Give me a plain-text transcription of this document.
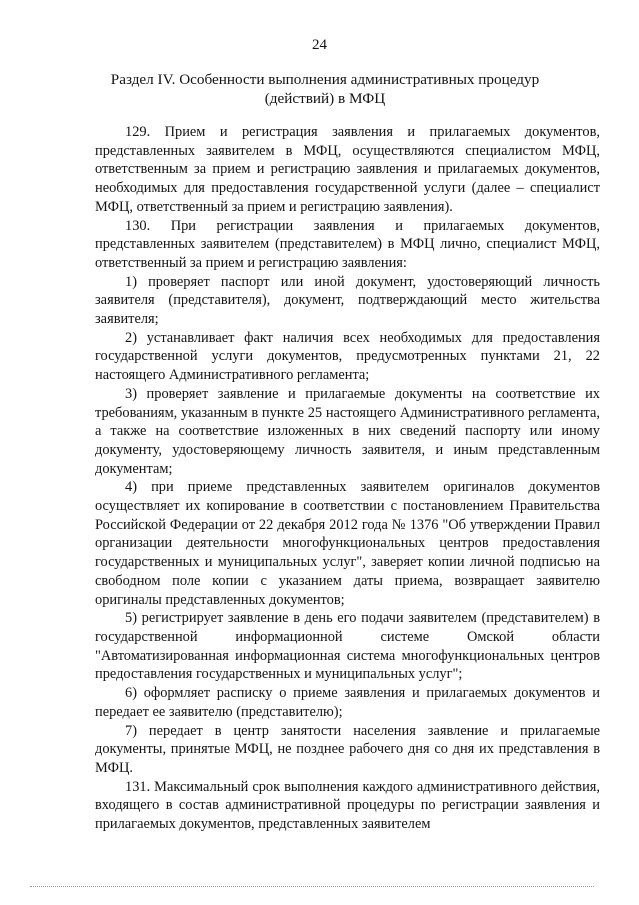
24
Раздел IV. Особенности выполнения административных процедур
(действий) в МФЦ

129. Прием и регистрация заявления и прилагаемых документов, представленных заявителем в МФЦ, осуществляются специалистом МФЦ, ответственным за прием и регистрацию заявления и прилагаемых документов, необходимых для предоставления государственной услуги (далее – специалист МФЦ, ответственный за прием и регистрацию заявления).

130. При регистрации заявления и прилагаемых документов, представленных заявителем (представителем) в МФЦ лично, специалист МФЦ, ответственный за прием и регистрацию заявления:

1) проверяет паспорт или иной документ, удостоверяющий личность заявителя (представителя), документ, подтверждающий место жительства заявителя;

2) устанавливает факт наличия всех необходимых для предоставления государственной услуги документов, предусмотренных пунктами 21, 22 настоящего Административного регламента;

3) проверяет заявление и прилагаемые документы на соответствие их требованиям, указанным в пункте 25 настоящего Административного регламента, а также на соответствие изложенных в них сведений паспорту или иному документу, удостоверяющему личность заявителя, и иным представленным документам;

4) при приеме представленных заявителем оригиналов документов осуществляет их копирование в соответствии с постановлением Правительства Российской Федерации от 22 декабря 2012 года № 1376 "Об утверждении Правил организации деятельности многофункциональных центров предоставления государственных и муниципальных услуг", заверяет копии личной подписью на свободном поле копии с указанием даты приема, возвращает заявителю оригиналы представленных документов;

5) регистрирует заявление в день его подачи заявителем (представителем) в государственной информационной системе Омской области "Автоматизированная информационная система многофункциональных центров предоставления государственных и муниципальных услуг";

6) оформляет расписку о приеме заявления и прилагаемых документов и передает ее заявителю (представителю);

7) передает в центр занятости населения заявление и прилагаемые документы, принятые МФЦ, не позднее рабочего дня со дня их представления в МФЦ.

131. Максимальный срок выполнения каждого административного действия, входящего в состав административной процедуры по регистрации заявления и прилагаемых документов, представленных заявителем
